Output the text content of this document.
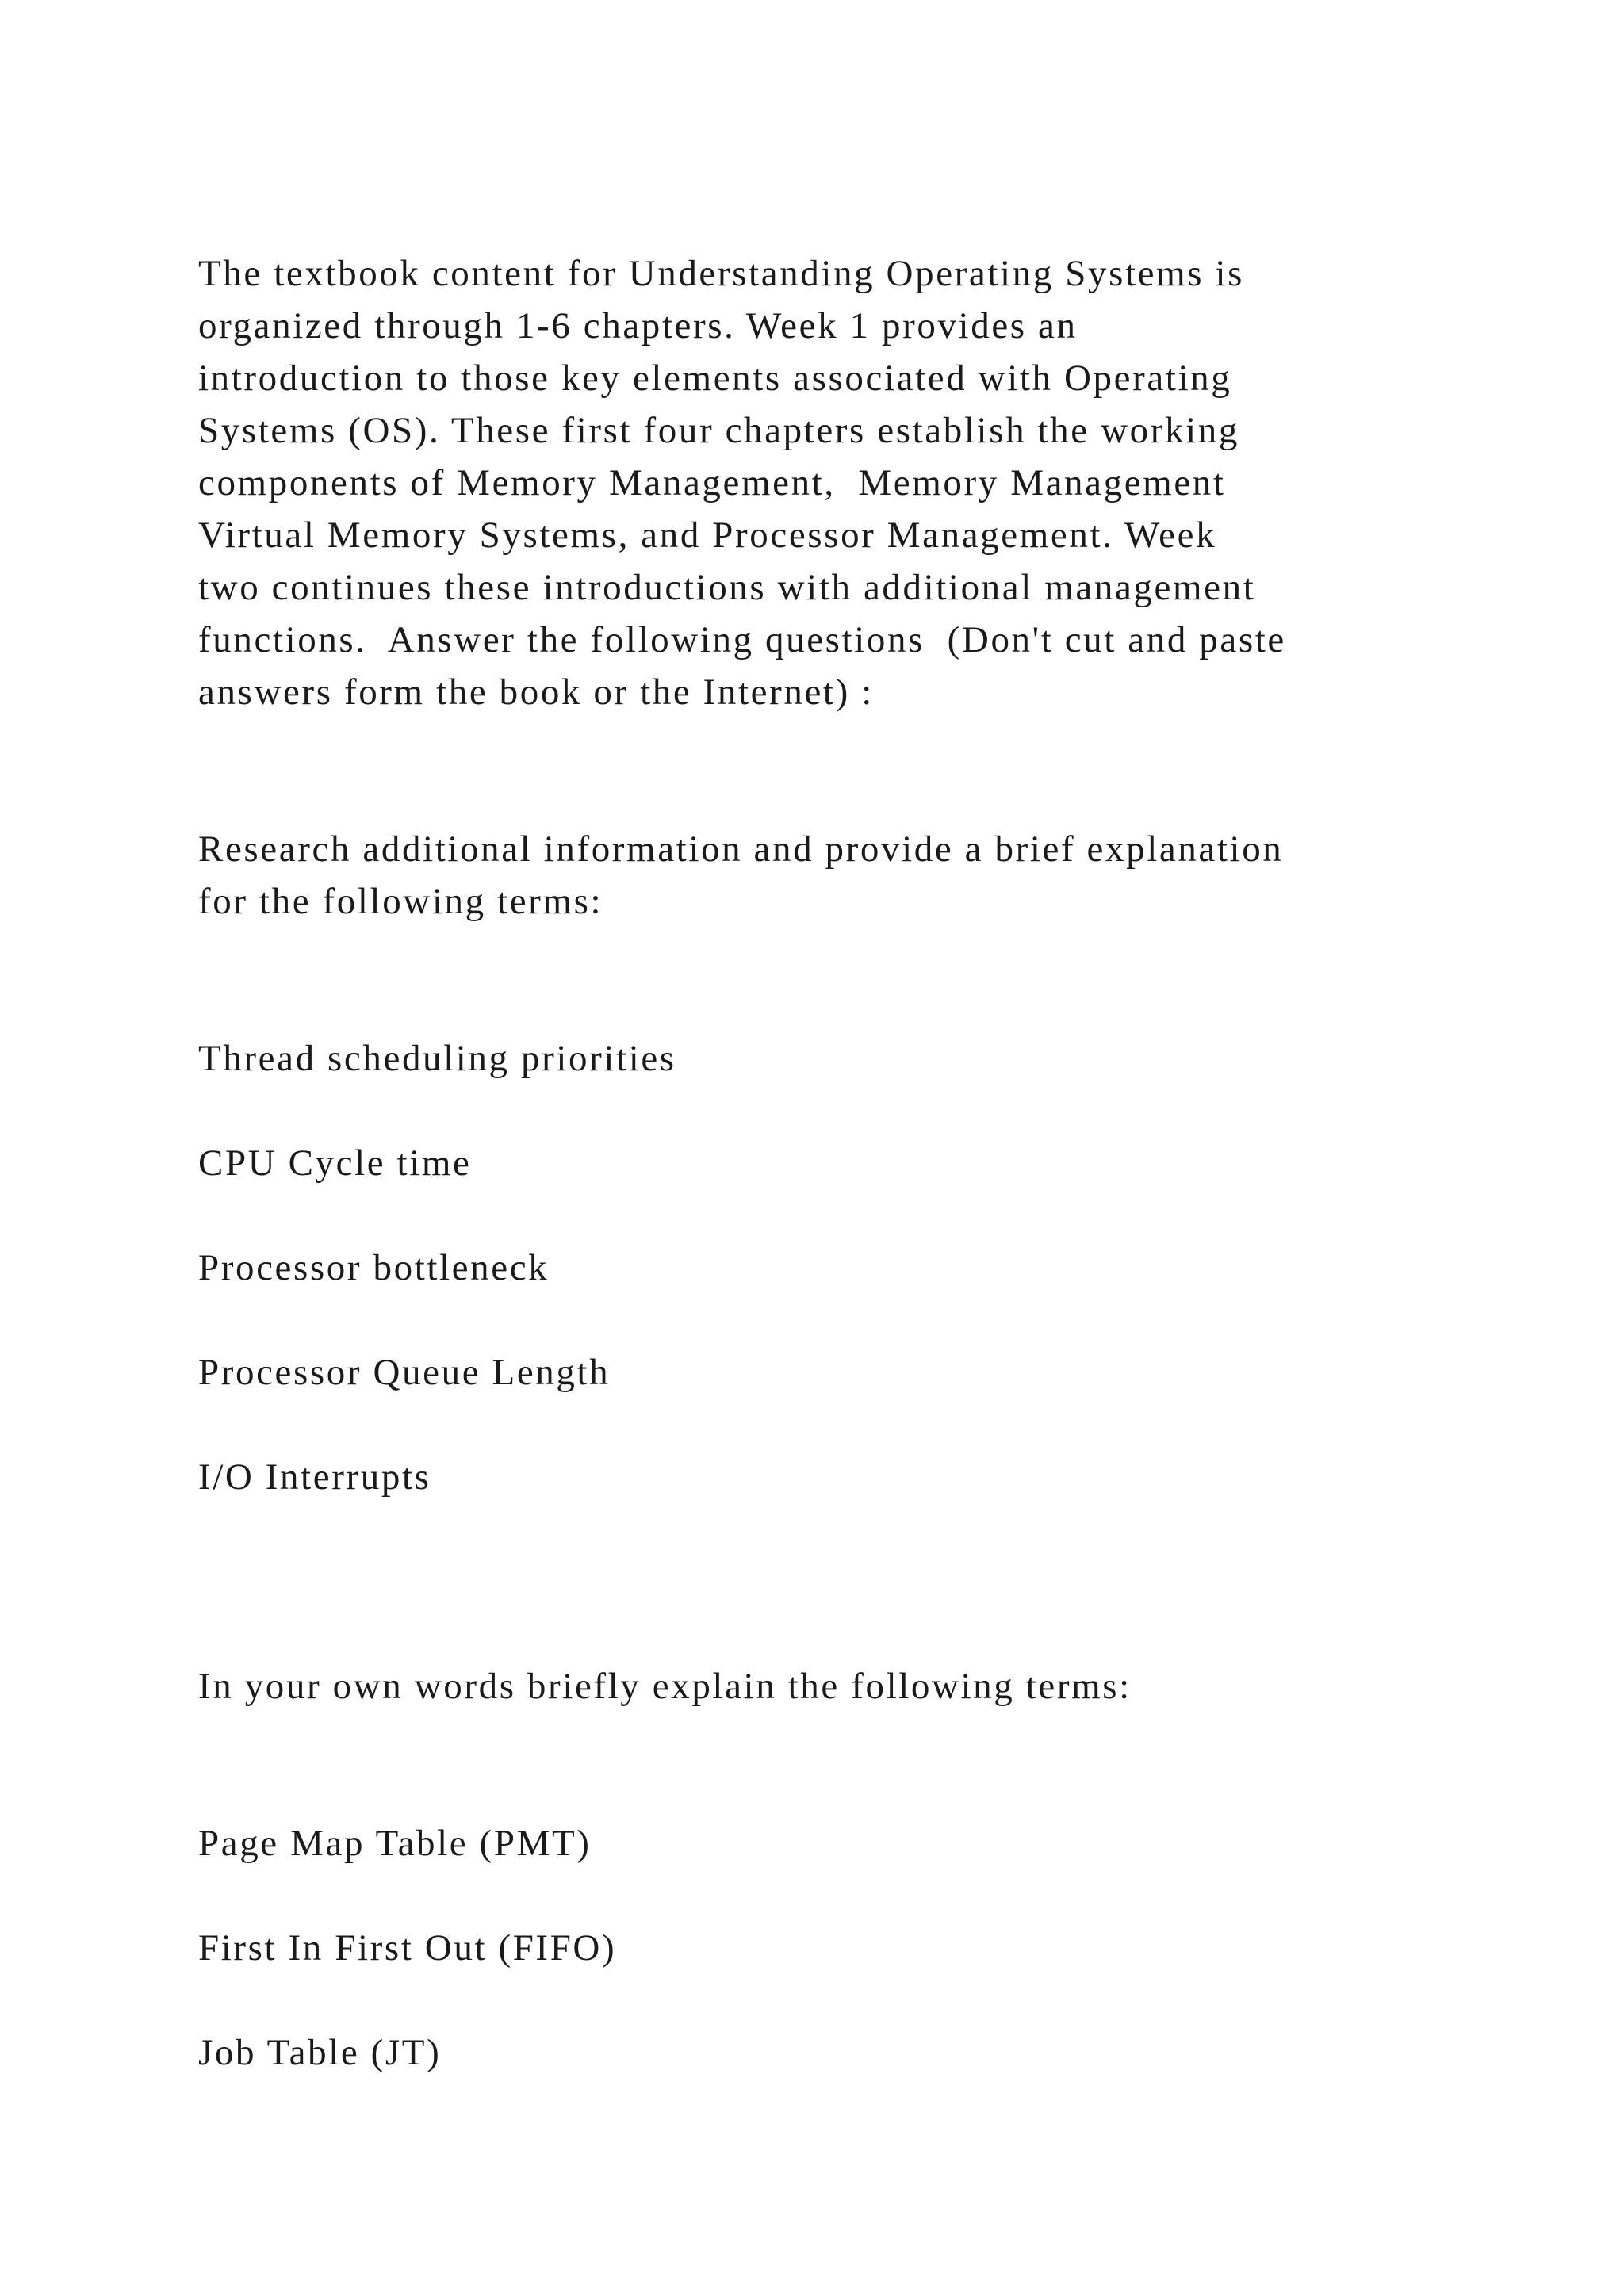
The textbook content for Understanding Operating Systems is

organized through 1-6 chapters. Week 1 provides an

introduction to those key elements associated with Operating

Systems (OS). These first four chapters establish the working

components of Memory Management,  Memory Management

Virtual Memory Systems, and Processor Management. Week

two continues these introductions with additional management

functions.  Answer the following questions  (Don't cut and paste

answers form the book or the Internet) :

Research additional information and provide a brief explanation

for the following terms:

Thread scheduling priorities

CPU Cycle time

Processor bottleneck

Processor Queue Length

I/O Interrupts

In your own words briefly explain the following terms:

Page Map Table (PMT)

First In First Out (FIFO)

Job Table (JT)
